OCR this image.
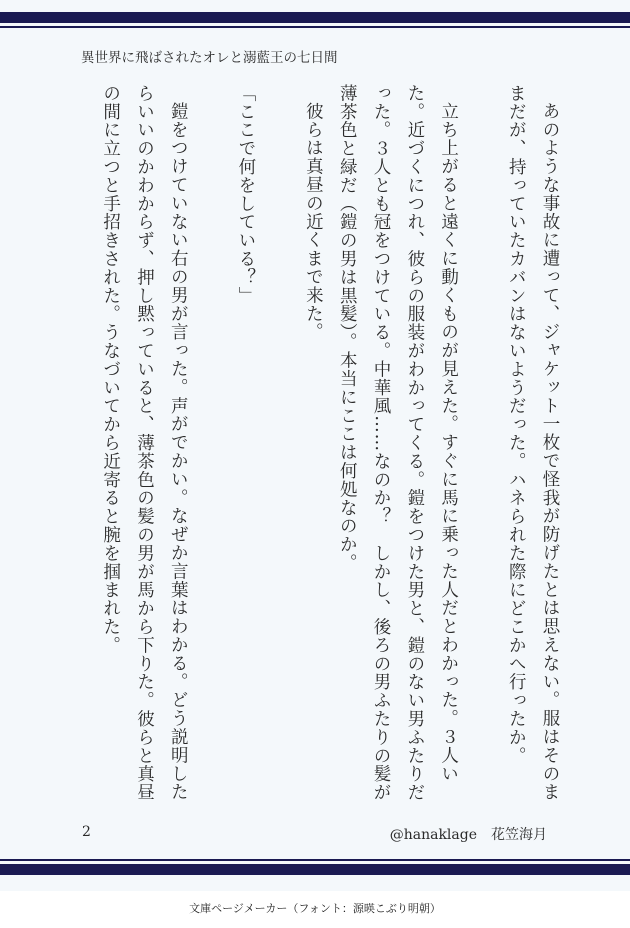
異世界に飛ばされたオレと溺藍王の七日間

あのような事故に遭って、ジャケット一枚で怪我が防げたとは思えない。服はそのままだが、持っていたカバンはないようだった。ハネられた際にどこかへ行ったか。

立ち上がると遠くに動くものが見えた。すぐに馬に乗った人だとわかった。３人いた。近づくにつれ、彼らの服装がわかってくる。鎧をつけた男と、鎧のない男ふたりだった。３人とも冠をつけている。中華風……なのか？　しかし、後ろの男ふたりの髪が薄茶色と緑だ（鎧の男は黒髪）。本当にここは何処なのか。

彼らは真昼の近くまで来た。

「ここで何をしている？」

鎧をつけていない右の男が言った。声がでかい。なぜか言葉はわかる。どう説明したらいいのかわからず、押し黙っていると、薄茶色の髪の男が馬から下りた。彼らと真昼の間に立つと手招きされた。うなづいてから近寄ると腕を掴まれた。

2	@hanaklage　花笠海月
文庫ページメーカー（フォント：源暎こぶり明朝）
